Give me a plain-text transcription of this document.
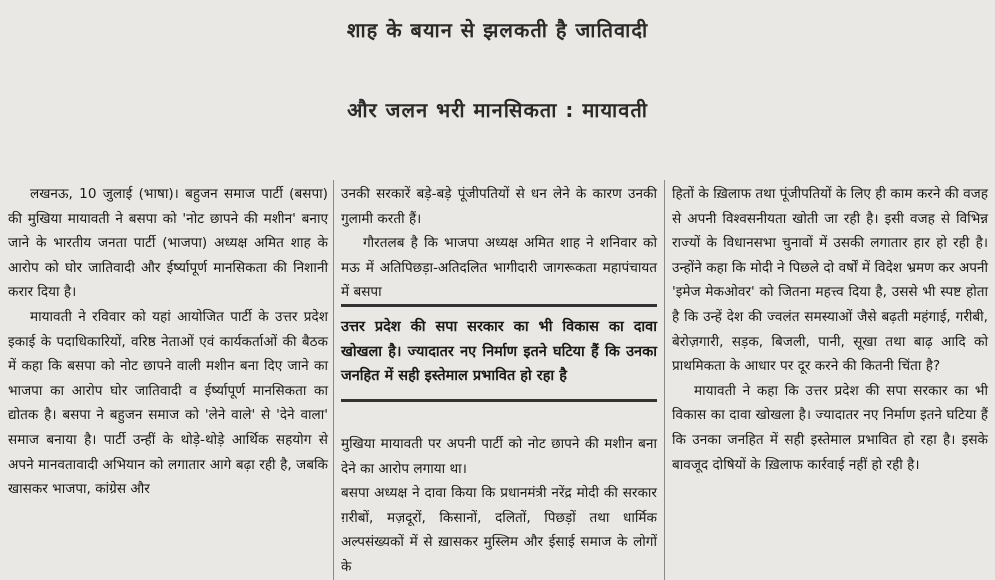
शाह के बयान से झलकती है जातिवादी
और जलन भरी मानसिकता : मायावती

लखनऊ, 10 जुलाई (भाषा)। बहुजन समाज पार्टी (बसपा) की मुखिया मायावती ने बसपा को 'नोट छापने की मशीन' बनाए जाने के भारतीय जनता पार्टी (भाजपा) अध्यक्ष अमित शाह के आरोप को घोर जातिवादी और ईर्ष्यापूर्ण मानसिकता की निशानी करार दिया है।

मायावती ने रविवार को यहां आयोजित पार्टी के उत्तर प्रदेश इकाई के पदाधिकारियों, वरिष्ठ नेताओं एवं कार्यकर्ताओं की बैठक में कहा कि बसपा को नोट छापने वाली मशीन बना दिए जाने का भाजपा का आरोप घोर जातिवादी व ईर्ष्यापूर्ण मानसिकता का द्योतक है। बसपा ने बहुजन समाज को 'लेने वाले' से 'देने वाला' समाज बनाया है। पार्टी उन्हीं के थोड़े-थोड़े आर्थिक सहयोग से अपने मानवतावादी अभियान को लगातार आगे बढ़ा रही है, जबकि खासकर भाजपा, कांग्रेस और

उनकी सरकारें बड़े-बड़े पूंजीपतियों से धन लेने के कारण उनकी गुलामी करती हैं।

गौरतलब है कि भाजपा अध्यक्ष अमित शाह ने शनिवार को मऊ में अतिपिछड़ा-अतिदलित भागीदारी जागरूकता महापंचायत में बसपा

उत्तर प्रदेश की सपा सरकार का भी विकास का दावा खोखला है। ज्यादातर नए निर्माण इतने घटिया हैं कि उनका जनहित में सही इस्तेमाल प्रभावित हो रहा है

मुखिया मायावती पर अपनी पार्टी को नोट छापने की मशीन बना देने का आरोप लगाया था।

बसपा अध्यक्ष ने दावा किया कि प्रधानमंत्री नरेंद्र मोदी की सरकार ग़रीबों, मज़दूरों, किसानों, दलितों, पिछड़ों तथा धार्मिक अल्पसंख्यकों में से ख़ासकर मुस्लिम और ईसाई समाज के लोगों के

हितों के ख़िलाफ तथा पूंजीपतियों के लिए ही काम करने की वजह से अपनी विश्वसनीयता खोती जा रही है। इसी वजह से विभिन्न राज्यों के विधानसभा चुनावों में उसकी लगातार हार हो रही है। उन्होंने कहा कि मोदी ने पिछले दो वर्षों में विदेश भ्रमण कर अपनी 'इमेज मेकओवर' को जितना महत्त्व दिया है, उससे भी स्पष्ट होता है कि उन्हें देश की ज्वलंत समस्याओं जैसे बढ़ती महंगाई, गरीबी, बेरोज़गारी, सड़क, बिजली, पानी, सूखा तथा बाढ़ आदि को प्राथमिकता के आधार पर दूर करने की कितनी चिंता है?

मायावती ने कहा कि उत्तर प्रदेश की सपा सरकार का भी विकास का दावा खोखला है। ज्यादातर नए निर्माण इतने घटिया हैं कि उनका जनहित में सही इस्तेमाल प्रभावित हो रहा है। इसके बावजूद दोषियों के ख़िलाफ कार्रवाई नहीं हो रही है।
